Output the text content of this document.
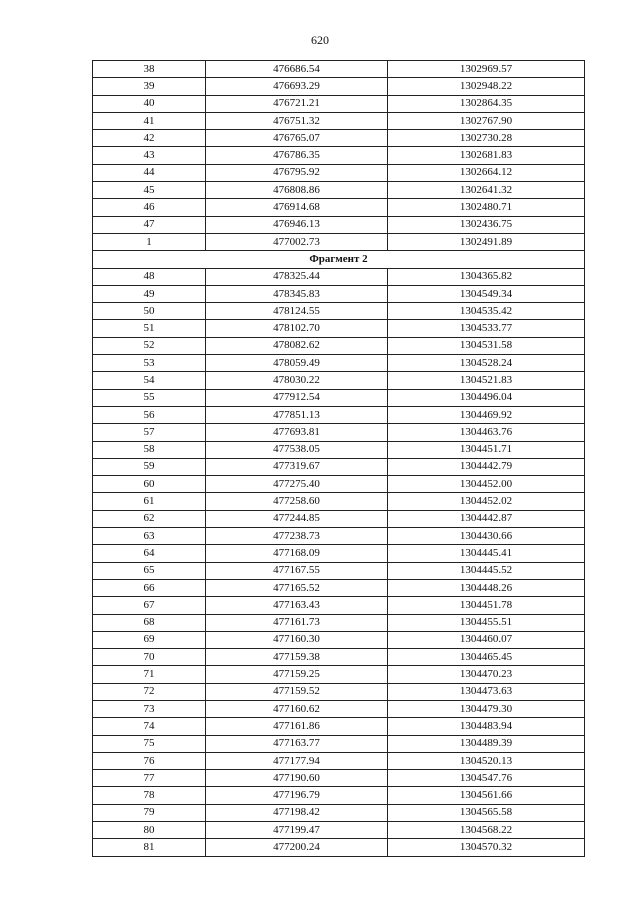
620
38	476686.54	1302969.57
39	476693.29	1302948.22
40	476721.21	1302864.35
41	476751.32	1302767.90
42	476765.07	1302730.28
43	476786.35	1302681.83
44	476795.92	1302664.12
45	476808.86	1302641.32
46	476914.68	1302480.71
47	476946.13	1302436.75
1	477002.73	1302491.89
Фрагмент 2		
48	478325.44	1304365.82
49	478345.83	1304549.34
50	478124.55	1304535.42
51	478102.70	1304533.77
52	478082.62	1304531.58
53	478059.49	1304528.24
54	478030.22	1304521.83
55	477912.54	1304496.04
56	477851.13	1304469.92
57	477693.81	1304463.76
58	477538.05	1304451.71
59	477319.67	1304442.79
60	477275.40	1304452.00
61	477258.60	1304452.02
62	477244.85	1304442.87
63	477238.73	1304430.66
64	477168.09	1304445.41
65	477167.55	1304445.52
66	477165.52	1304448.26
67	477163.43	1304451.78
68	477161.73	1304455.51
69	477160.30	1304460.07
70	477159.38	1304465.45
71	477159.25	1304470.23
72	477159.52	1304473.63
73	477160.62	1304479.30
74	477161.86	1304483.94
75	477163.77	1304489.39
76	477177.94	1304520.13
77	477190.60	1304547.76
78	477196.79	1304561.66
79	477198.42	1304565.58
80	477199.47	1304568.22
81	477200.24	1304570.32
